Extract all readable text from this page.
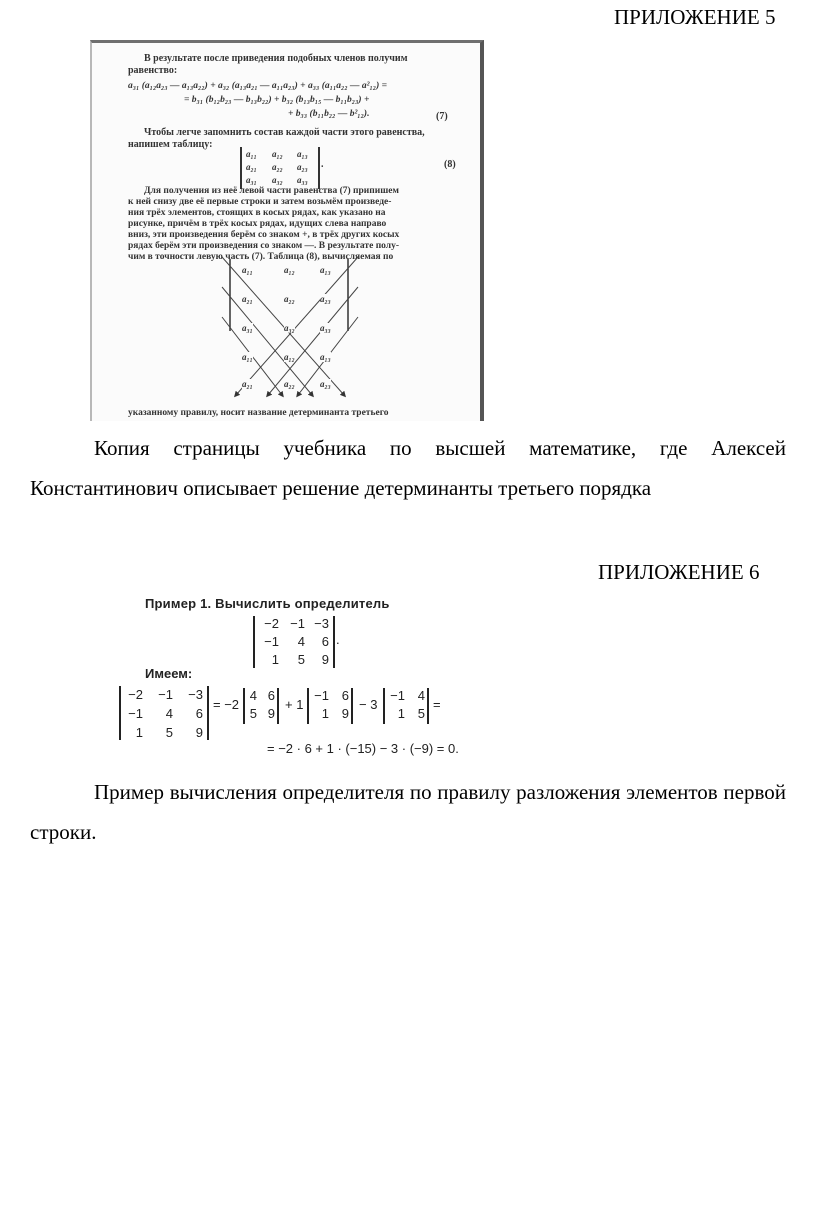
ПРИЛОЖЕНИЕ 5
В результате после приведения подобных членов получим
равенство:
a₃₁ (a₁₂a₂₃ — a₁₃a₂₂) + a₃₂ (a₁₃a₂₁ — a₁₁a₂₃) + a₃₃ (a₁₁a₂₂ — a²₁₂) =
= b₃₁ (b₁₂b₂₃ — b₁₃b₂₂) + b₃₂ (b₁₃b₁₅ — b₁₁b₂₃) +
+ b₃₃ (b₁₁b₂₂ — b²₁₂).	(7)
Чтобы легче запомнить состав каждой части этого равенства,
напишем таблицу:
a₁₁ a₁₂ a₁₃
a₂₁ a₂₂ a₂₃
a₃₁ a₃₂ a₃₃
.	(8)
Для получения из неё левой части равенства (7) припишем
к ней снизу две её первые строки и затем возьмём произведе-
ния трёх элементов, стоящих в косых рядах, как указано на
рисунке, причём в трёх косых рядах, идущих слева направо
вниз, эти произведения берём со знаком +, в трёх других косых
рядах берём эти произведения со знаком —. В результате полу-
чим в точности левую часть (7). Таблица (8), вычисляемая по
a₁₁	a₁₂	a₁₃
a₂₁	a₂₂	a₂₃
a₃₁	a₃₂	a₃₃
a₁₁	a₁₂	a₁₃
a₂₁	a₂₂	a₂₃
указанному правилу, носит название детерминанта третьего
Копия страницы учебника по высшей математике, где Алексей Константинович описывает решение детерминанты третьего порядка
ПРИЛОЖЕНИЕ 6
Пример 1. Вычислить определитель
−2 −1 −3
−1	4	6
1	5	9
.
Имеем:
−2	−1	−3
−1	4	6
1	5	9
= −2
4 6
5 9
+ 1
−1 6
1 9
− 3
−1 4
1 5
=
= −2 · 6 + 1 · (−15) − 3 · (−9) = 0.
Пример вычисления определителя по правилу разложения элементов первой строки.
